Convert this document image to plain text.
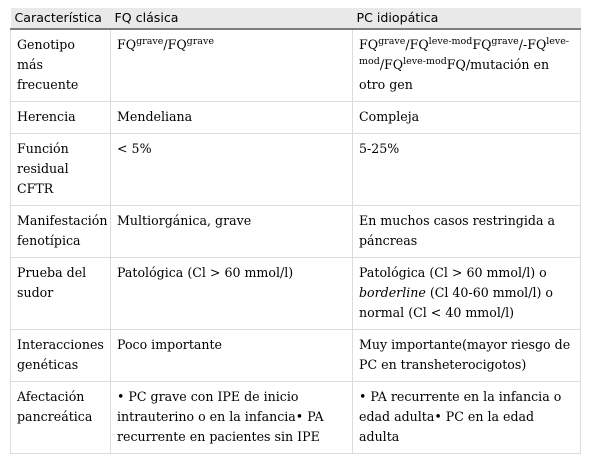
Característica	FQ clásica	PC idiopática
Genotipo más frecuente	$FQ^{grave}/FQ^{grave}$	$FQ^{grave}/FQ^{leve-mod}FQ^{grave}/-FQ^{leve-mod}/FQ^{leve-mod}FQ$/mutación en otro gen
Herencia	Mendeliana	Compleja
Función residual CFTR	< 5%	5-25%
Manifestación fenotípica	Multiorgánica, grave	En muchos casos restringida a páncreas
Prueba del sudor	Patológica (Cl > 60 mmol/l)	Patológica (Cl > 60 mmol/l) o borderline (Cl 40-60 mmol/l) o normal (Cl < 40 mmol/l)
Interacciones genéticas	Poco importante	Muy importante(mayor riesgo de PC en transheterocigotos)
Afectación pancreática	• PC grave con IPE de inicio intrauterino o en la infancia• PA recurrente en pacientes sin IPE	• PA recurrente en la infancia o edad adulta• PC en la edad adulta
